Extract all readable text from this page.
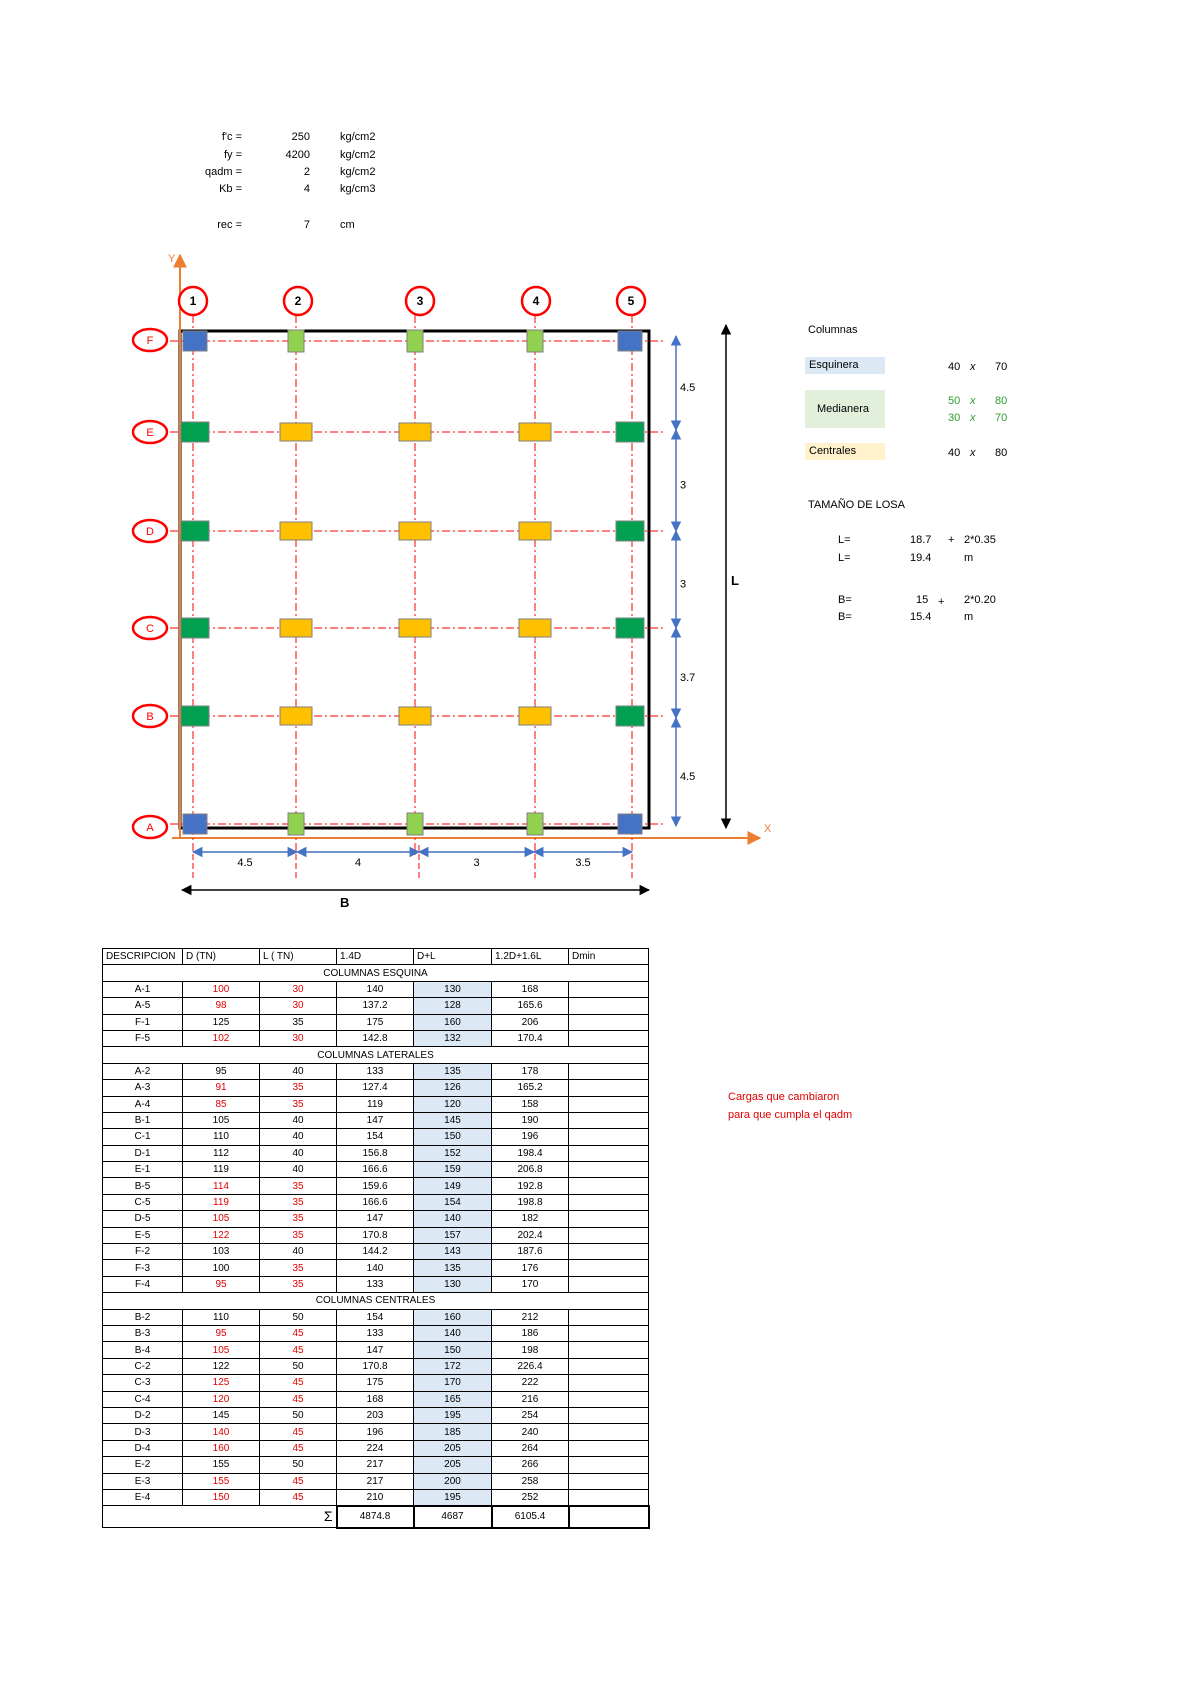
f'c =	250	kg/cm2
fy =	4200	kg/cm2
qadm =	2	kg/cm2
Kb =	4	kg/cm3
rec =	7	cm
Y
X
1	2	3	4	5
F
E
D
C
B
A
4.5	4	3	3.5
4.5
3
3
3.7
4.5
B
L
Columnas
Esquinera	40 x 70
Medianera
50 x 80
30 x 70
Centrales	40 x 80
TAMAÑO DE LOSA
L=	18.7 + 2*0.35
L=	19.4	m
B=	15 + 2*0.20
B=	15.4	m
DESCRIPCION	D (TN)	L ( TN)	1.4D	D+L	1.2D+1.6L	Dmin
COLUMNAS ESQUINA						
A-1	100	30	140	130	168	
A-5	98	30	137.2	128	165.6	
F-1	125	35	175	160	206	
F-5	102	30	142.8	132	170.4	
COLUMNAS LATERALES						
A-2	95	40	133	135	178	
A-3	91	35	127.4	126	165.2	
A-4	85	35	119	120	158	
B-1	105	40	147	145	190	
C-1	110	40	154	150	196	
D-1	112	40	156.8	152	198.4	
E-1	119	40	166.6	159	206.8	
B-5	114	35	159.6	149	192.8	
C-5	119	35	166.6	154	198.8	
D-5	105	35	147	140	182	
E-5	122	35	170.8	157	202.4	
F-2	103	40	144.2	143	187.6	
F-3	100	35	140	135	176	
F-4	95	35	133	130	170	
COLUMNAS CENTRALES						
B-2	110	50	154	160	212	
B-3	95	45	133	140	186	
B-4	105	45	147	150	198	
C-2	122	50	170.8	172	226.4	
C-3	125	45	175	170	222	
C-4	120	45	168	165	216	
D-2	145	50	203	195	254	
D-3	140	45	196	185	240	
D-4	160	45	224	205	264	
E-2	155	50	217	205	266	
E-3	155	45	217	200	258	
E-4	150	45	210	195	252	
		Σ	4874.8	4687	6105.4	
Cargas que cambiaron
para que cumpla el qadm
